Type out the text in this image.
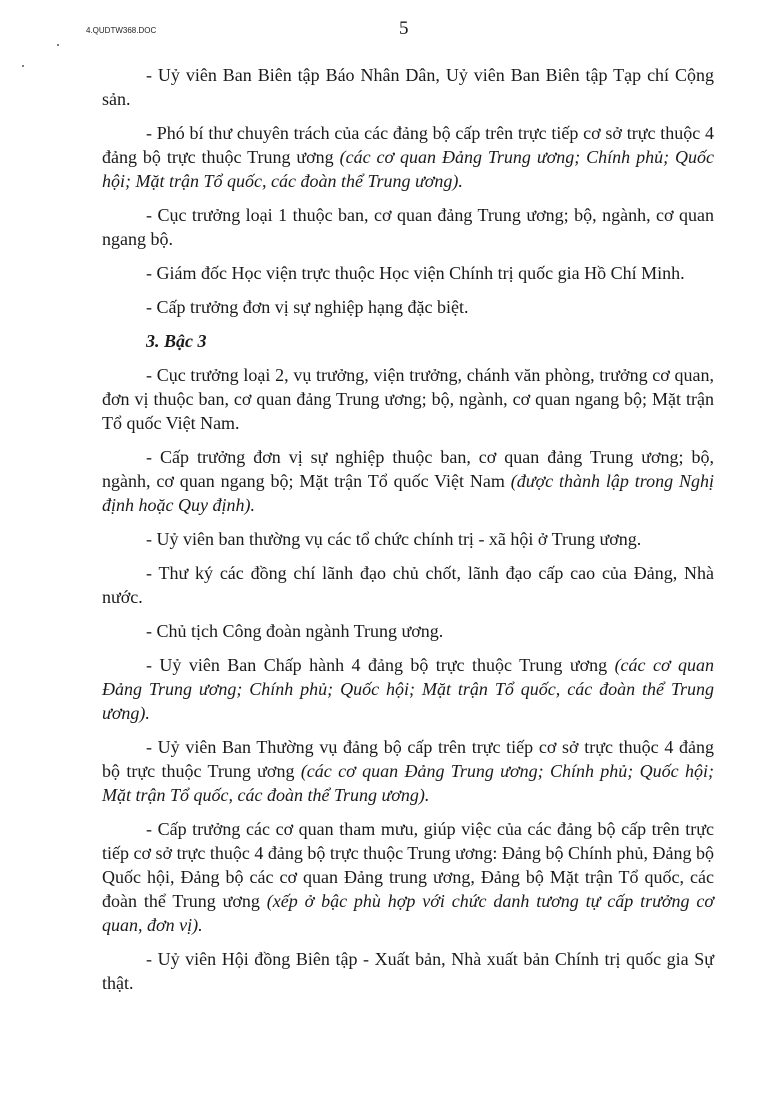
4.QUDTW368.DOC	5

- Uỷ viên Ban Biên tập Báo Nhân Dân, Uỷ viên Ban Biên tập Tạp chí Cộng sản.

- Phó bí thư chuyên trách của các đảng bộ cấp trên trực tiếp cơ sở trực thuộc 4 đảng bộ trực thuộc Trung ương (các cơ quan Đảng Trung ương; Chính phủ; Quốc hội; Mặt trận Tổ quốc, các đoàn thể Trung ương).

- Cục trưởng loại 1 thuộc ban, cơ quan đảng Trung ương; bộ, ngành, cơ quan ngang bộ.

- Giám đốc Học viện trực thuộc Học viện Chính trị quốc gia Hồ Chí Minh.

- Cấp trưởng đơn vị sự nghiệp hạng đặc biệt.

3. Bậc 3

- Cục trưởng loại 2, vụ trưởng, viện trưởng, chánh văn phòng, trưởng cơ quan, đơn vị thuộc ban, cơ quan đảng Trung ương; bộ, ngành, cơ quan ngang bộ; Mặt trận Tổ quốc Việt Nam.

- Cấp trưởng đơn vị sự nghiệp thuộc ban, cơ quan đảng Trung ương; bộ, ngành, cơ quan ngang bộ; Mặt trận Tổ quốc Việt Nam (được thành lập trong Nghị định hoặc Quy định).

- Uỷ viên ban thường vụ các tổ chức chính trị - xã hội ở Trung ương.

- Thư ký các đồng chí lãnh đạo chủ chốt, lãnh đạo cấp cao của Đảng, Nhà nước.

- Chủ tịch Công đoàn ngành Trung ương.

- Uỷ viên Ban Chấp hành 4 đảng bộ trực thuộc Trung ương (các cơ quan Đảng Trung ương; Chính phủ; Quốc hội; Mặt trận Tổ quốc, các đoàn thể Trung ương).

- Uỷ viên Ban Thường vụ đảng bộ cấp trên trực tiếp cơ sở trực thuộc 4 đảng bộ trực thuộc Trung ương (các cơ quan Đảng Trung ương; Chính phủ; Quốc hội; Mặt trận Tổ quốc, các đoàn thể Trung ương).

- Cấp trưởng các cơ quan tham mưu, giúp việc của các đảng bộ cấp trên trực tiếp cơ sở trực thuộc 4 đảng bộ trực thuộc Trung ương: Đảng bộ Chính phủ, Đảng bộ Quốc hội, Đảng bộ các cơ quan Đảng trung ương, Đảng bộ Mặt trận Tổ quốc, các đoàn thể Trung ương (xếp ở bậc phù hợp với chức danh tương tự cấp trưởng cơ quan, đơn vị).

- Uỷ viên Hội đồng Biên tập - Xuất bản, Nhà xuất bản Chính trị quốc gia Sự thật.
